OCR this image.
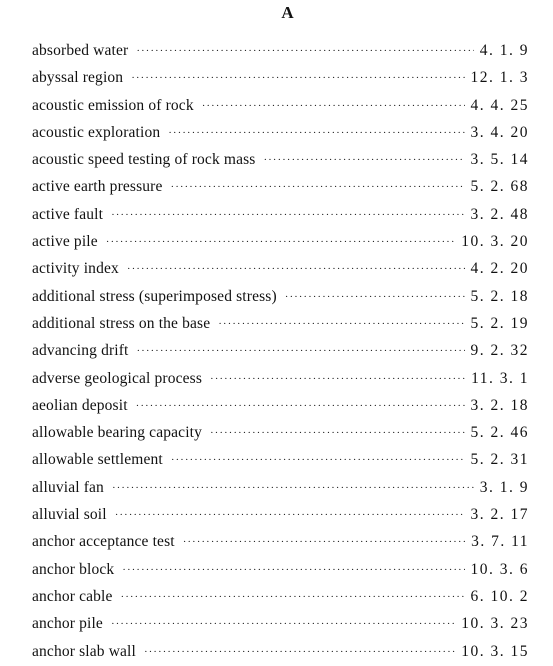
A
absorbed water ·····	4. 1. 9
abyssal region ·····	12. 1. 3
acoustic emission of rock ·····	4. 4. 25
acoustic exploration ·····	3. 4. 20
acoustic speed testing of rock mass ·····	3. 5. 14
active earth pressure ·····	5. 2. 68
active fault ·····	3. 2. 48
active pile ·····	10. 3. 20
activity index ·····	4. 2. 20
additional stress (superimposed stress) ·····	5. 2. 18
additional stress on the base ·····	5. 2. 19
advancing drift ·····	9. 2. 32
adverse geological process ·····	11. 3. 1
aeolian deposit ·····	3. 2. 18
allowable bearing capacity ·····	5. 2. 46
allowable settlement ·····	5. 2. 31
alluvial fan ·····	3. 1. 9
alluvial soil ·····	3. 2. 17
anchor acceptance test ·····	3. 7. 11
anchor block ·····	10. 3. 6
anchor cable ·····	6. 10. 2
anchor pile ·····	10. 3. 23
anchor slab wall ·····	10. 3. 15
